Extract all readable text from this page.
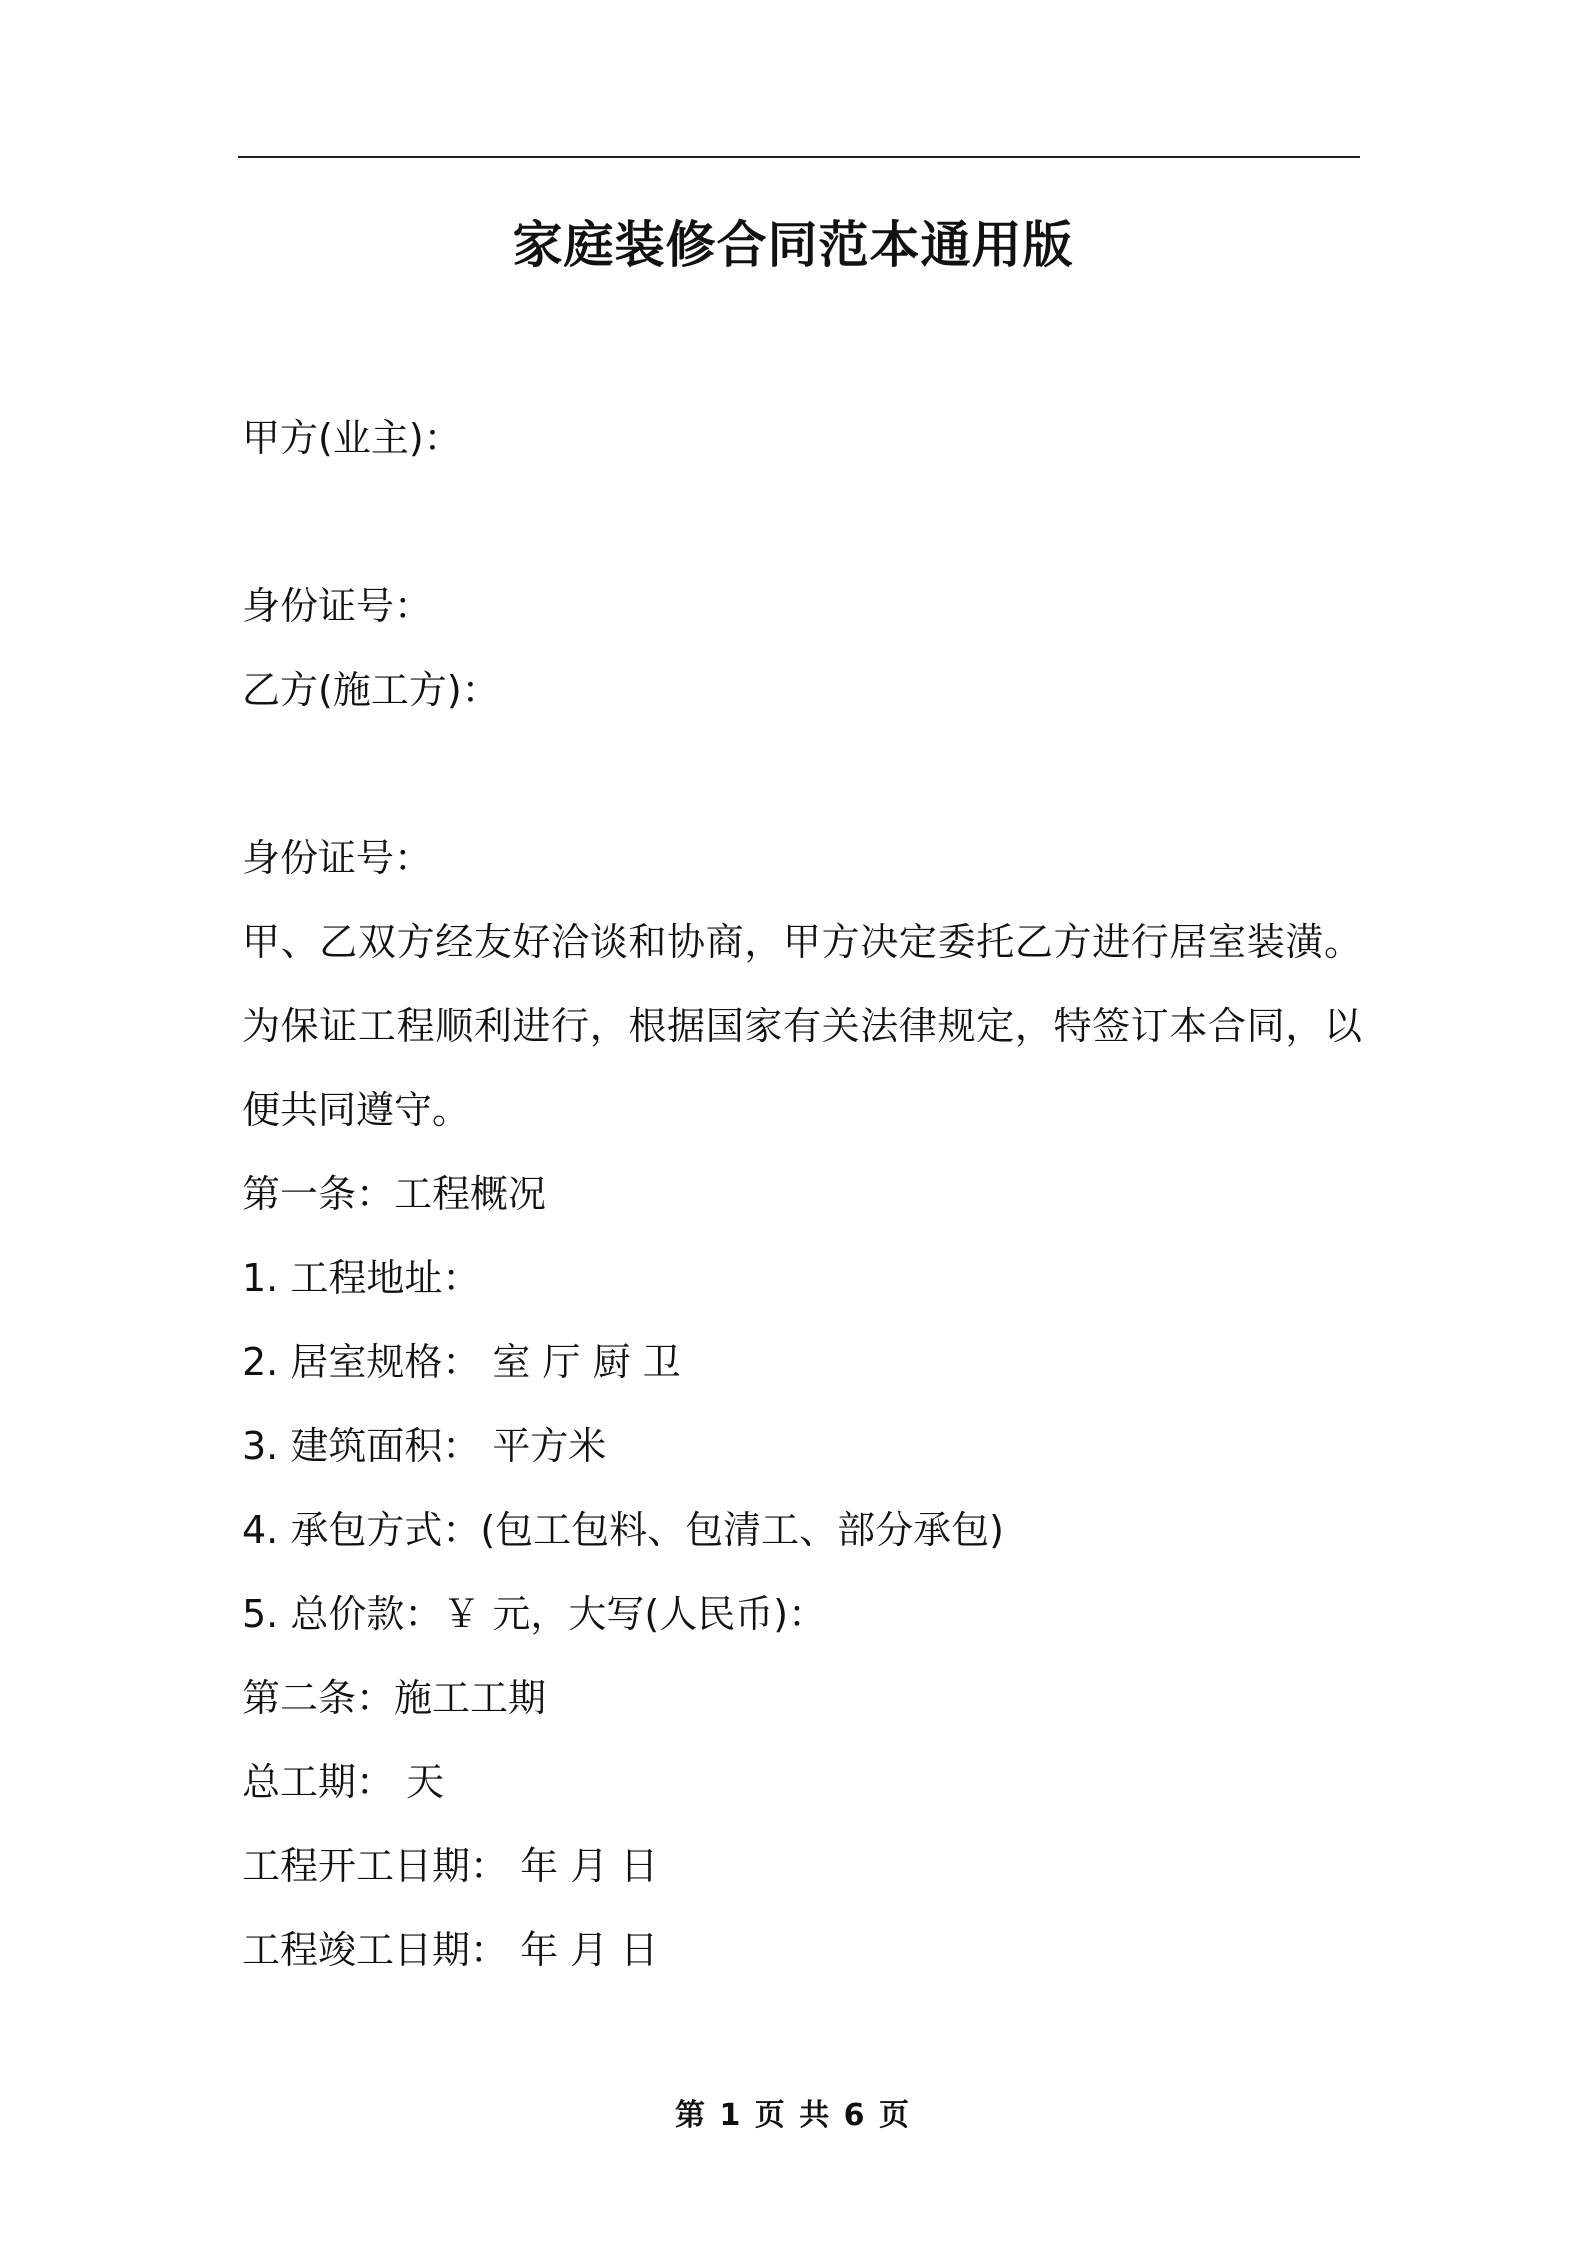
家庭装修合同范本通用版
甲方(业主)：
身份证号：
乙方(施工方)：
身份证号：
甲、乙双方经友好洽谈和协商，甲方决定委托乙方进行居室装潢。为保证工程顺利进行，根据国家有关法律规定，特签订本合同，以便共同遵守。
第一条：工程概况
1. 工程地址：
2. 居室规格： 室 厅 厨 卫
3. 建筑面积： 平方米
4. 承包方式：(包工包料、包清工、部分承包)
5. 总价款：￥ 元，大写(人民币)：
第二条：施工工期
总工期： 天
工程开工日期： 年 月 日
工程竣工日期： 年 月 日
第 1 页 共 6 页
